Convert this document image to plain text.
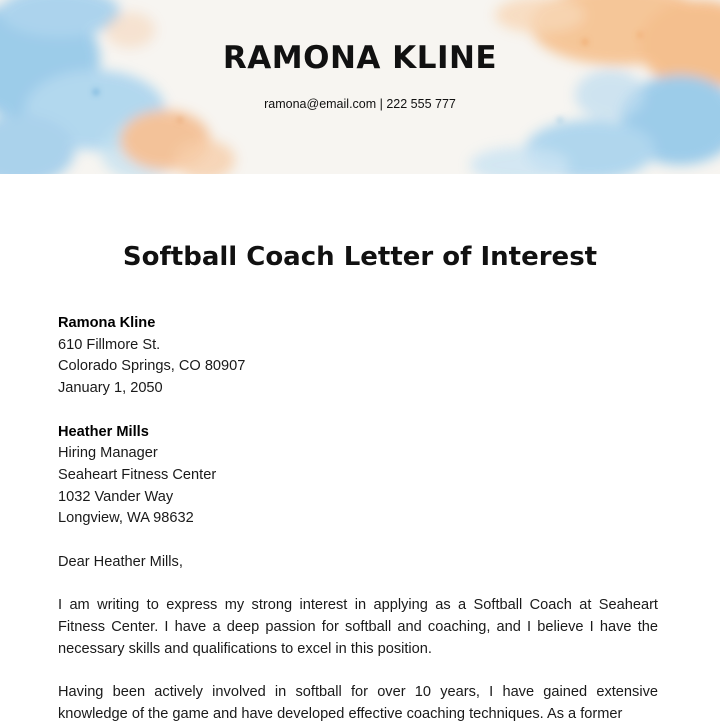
RAMONA KLINE
ramona@email.com | 222 555 777
Softball Coach Letter of Interest
Ramona Kline
610 Fillmore St.
Colorado Springs, CO 80907
January 1, 2050
Heather Mills
Hiring Manager
Seaheart Fitness Center
1032 Vander Way
Longview, WA 98632
Dear Heather Mills,

I am writing to express my strong interest in applying as a Softball Coach at Seaheart Fitness Center. I have a deep passion for softball and coaching, and I believe I have the necessary skills and qualifications to excel in this position.

Having been actively involved in softball for over 10 years, I have gained extensive knowledge of the game and have developed effective coaching techniques. As a former
